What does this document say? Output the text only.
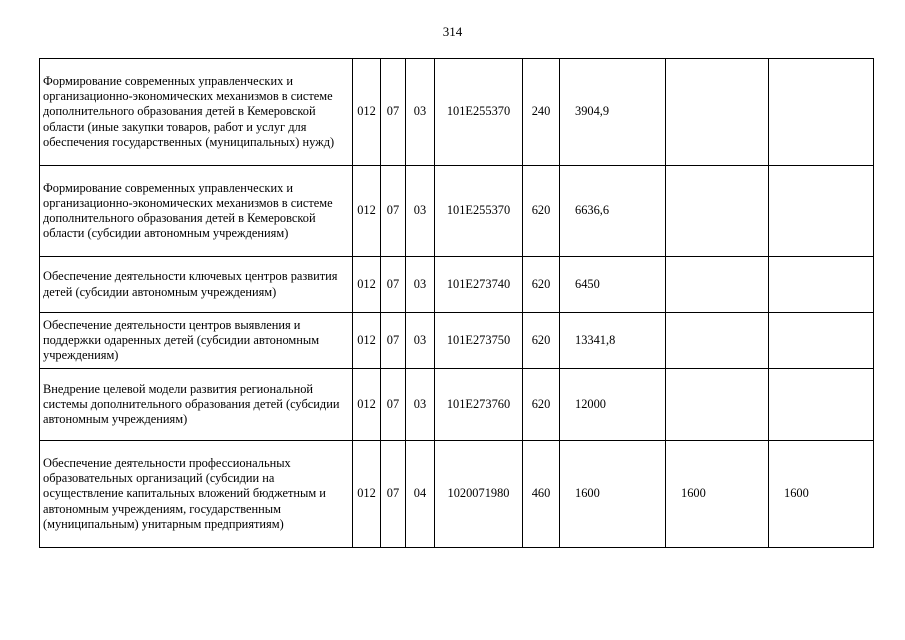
314
Формирование современных управленческих и организационно-экономических механизмов в системе дополнительного образования детей в Кемеровской области (иные закупки товаров, работ и услуг для обеспечения государственных (муниципальных) нужд)	012	07	03	101E255370	240	3904,9		
Формирование современных управленческих и организационно-экономических механизмов в системе дополнительного образования детей в Кемеровской области (субсидии автономным учреждениям)	012	07	03	101E255370	620	6636,6		
Обеспечение деятельности ключевых центров развития детей (субсидии автономным учреждениям)	012	07	03	101E273740	620	6450		
Обеспечение деятельности центров выявления и поддержки одаренных детей (субсидии автономным учреждениям)	012	07	03	101E273750	620	13341,8		
Внедрение целевой модели развития региональной системы дополнительного образования детей (субсидии автономным учреждениям)	012	07	03	101E273760	620	12000		
Обеспечение деятельности профессиональных образовательных организаций (субсидии на осуществление капитальных вложений бюджетным и автономным учреждениям, государственным (муниципальным) унитарным предприятиям)	012	07	04	1020071980	460	1600	1600	1600
